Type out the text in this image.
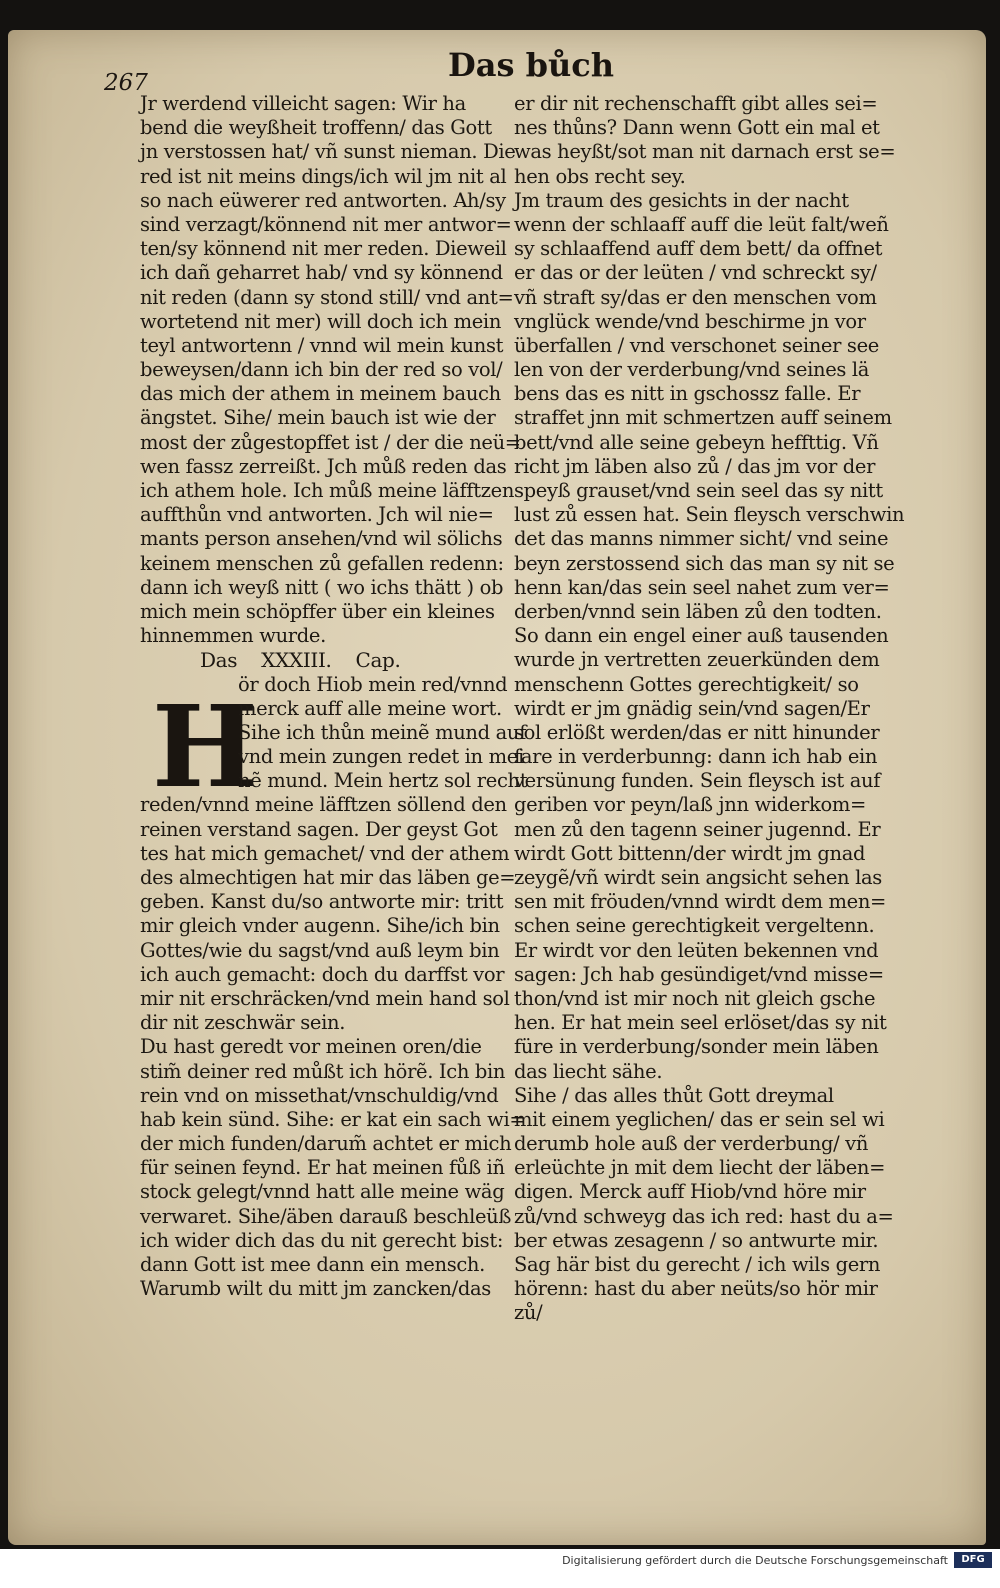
267	Das bůch
H
Jr werdend villeicht sagen: Wir ha
bend die weyßheit troffenn/ das Gott
jn verstossen hat/ vñ sunst nieman. Die
red ist nit meins dings/ich wil jm nit al
so nach eüwerer red antworten. Ah/sy
sind verzagt/könnend nit mer antwor=
ten/sy könnend nit mer reden. Dieweil
ich dañ geharret hab/ vnd sy könnend
nit reden (dann sy stond still/ vnd ant=
wortetend nit mer) will doch ich mein
teyl antwortenn / vnnd wil mein kunst
beweysen/dann ich bin der red so vol/
das mich der athem in meinem bauch
ängstet. Sihe/ mein bauch ist wie der
most der zůgestopffet ist / der die neü=
wen fassz zerreißt. Jch můß reden das
ich athem hole. Ich můß meine läfftzen
auffthůn vnd antworten. Jch wil nie=
mants person ansehen/vnd wil sölichs
keinem menschen zů gefallen redenn:
dann ich weyß nitt ( wo ichs thätt ) ob
mich mein schöpffer über ein kleines
hinnemmen wurde.
Das XXXIII. Cap.
ör doch Hiob mein red/vnnd
merck auff alle meine wort.
Sihe ich thůn meinẽ mund auf
vnd mein zungen redet in mei
nẽ mund. Mein hertz sol recht
reden/vnnd meine läfftzen söllend den
reinen verstand sagen. Der geyst Got
tes hat mich gemachet/ vnd der athem
des almechtigen hat mir das läben ge=
geben. Kanst du/so antworte mir: tritt
mir gleich vnder augenn. Sihe/ich bin
Gottes/wie du sagst/vnd auß leym bin
ich auch gemacht: doch du darffst vor
mir nit erschräcken/vnd mein hand sol
dir nit zeschwär sein.
Du hast geredt vor meinen oren/die
stim̃ deiner red můßt ich hörẽ. Ich bin
rein vnd on missethat/vnschuldig/vnd
hab kein sünd. Sihe: er kat ein sach wi=
der mich funden/darum̃ achtet er mich
für seinen feynd. Er hat meinen fůß iñ
stock gelegt/vnnd hatt alle meine wäg
verwaret. Sihe/äben darauß beschleüß
ich wider dich das du nit gerecht bist:
dann Gott ist mee dann ein mensch.
Warumb wilt du mitt jm zancken/das
er dir nit rechenschafft gibt alles sei=
nes thůns? Dann wenn Gott ein mal et
was heyßt/sot man nit darnach erst se=
hen obs recht sey.
Jm traum des gesichts in der nacht
wenn der schlaaff auff die leüt falt/weñ
sy schlaaffend auff dem bett/ da offnet
er das or der leüten / vnd schreckt sy/
vñ straft sy/das er den menschen vom
vnglück wende/vnd beschirme jn vor
überfallen / vnd verschonet seiner see
len von der verderbung/vnd seines lä
bens das es nitt in gschossz falle. Er
straffet jnn mit schmertzen auff seinem
bett/vnd alle seine gebeyn heffttig. Vñ
richt jm läben also zů / das jm vor der
speyß grauset/vnd sein seel das sy nitt
lust zů essen hat. Sein fleysch verschwin
det das manns nimmer sicht/ vnd seine
beyn zerstossend sich das man sy nit se
henn kan/das sein seel nahet zum ver=
derben/vnnd sein läben zů den todten.
So dann ein engel einer auß tausenden
wurde jn vertretten zeuerkünden dem
menschenn Gottes gerechtigkeit/ so
wirdt er jm gnädig sein/vnd sagen/Er
sol erlößt werden/das er nitt hinunder
fare in verderbunng: dann ich hab ein
versünung funden. Sein fleysch ist auf
geriben vor peyn/laß jnn widerkom=
men zů den tagenn seiner jugennd. Er
wirdt Gott bittenn/der wirdt jm gnad
zeygẽ/vñ wirdt sein angsicht sehen las
sen mit fröuden/vnnd wirdt dem men=
schen seine gerechtigkeit vergeltenn.
Er wirdt vor den leüten bekennen vnd
sagen: Jch hab gesündiget/vnd misse=
thon/vnd ist mir noch nit gleich gsche
hen. Er hat mein seel erlöset/das sy nit
füre in verderbung/sonder mein läben
das liecht sähe.
Sihe / das alles thůt Gott dreymal
mit einem yeglichen/ das er sein sel wi
derumb hole auß der verderbung/ vñ
erleüchte jn mit dem liecht der läben=
digen. Merck auff Hiob/vnd höre mir
zů/vnd schweyg das ich red: hast du a=
ber etwas zesagenn / so antwurte mir.
Sag här bist du gerecht / ich wils gern
hörenn: hast du aber neüts/so hör mir
zů/
Digitalisierung gefördert durch die Deutsche Forschungsgemeinschaft	DFG
